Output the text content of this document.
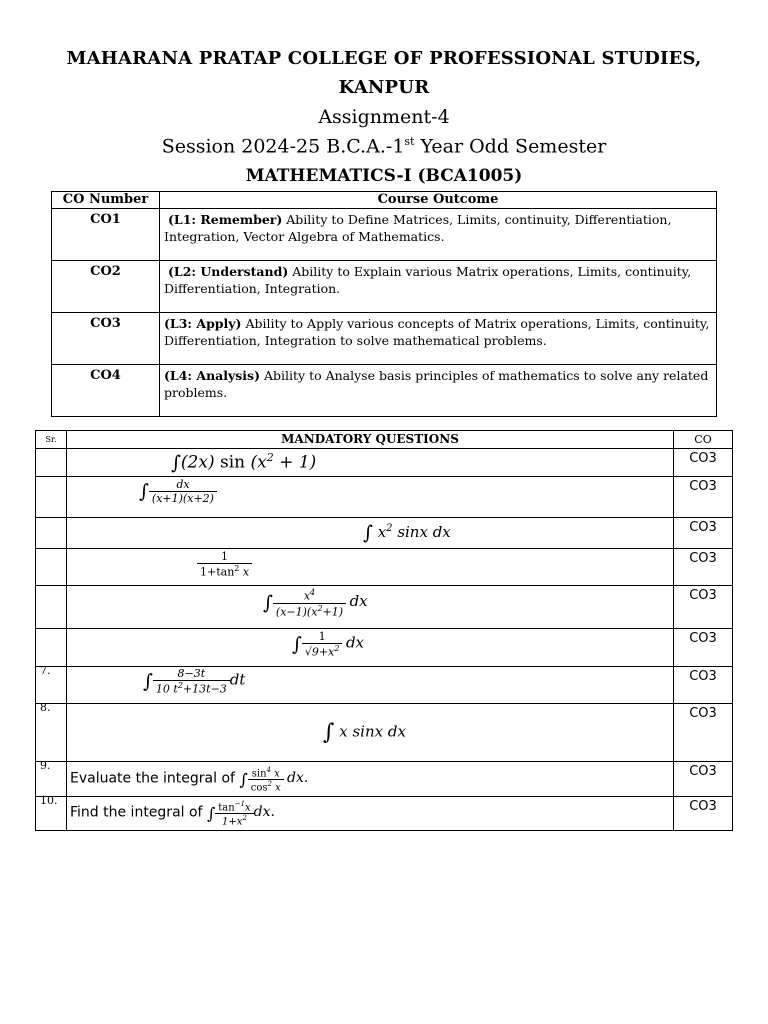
MAHARANA PRATAP COLLEGE OF PROFESSIONAL STUDIES,
KANPUR
Assignment-4
Session 2024-25 B.C.A.-1st Year Odd Semester
MATHEMATICS-I (BCA1005)
CO Number	Course Outcome
CO1	(L1: Remember) Ability to Define Matrices, Limits, continuity, Differentiation, Integration, Vector Algebra of Mathematics.
CO2	(L2: Understand) Ability to Explain various Matrix operations, Limits, continuity, Differentiation, Integration.
CO3	(L3: Apply) Ability to Apply various concepts of Matrix operations, Limits, continuity, Differentiation, Integration to solve mathematical problems.
CO4	(L4: Analysis) Ability to Analyse basis principles of mathematics to solve any related problems.
Sr.	MANDATORY QUESTIONS	CO

	∫(2x) $\sin (x^2 + 1)$	CO3

	∫ $\frac{dx}{(x+1)(x+2)}$	CO3

	∫ $x^2$ sinx dx	CO3

	$\frac{1}{1+\tan^2 x}$	CO3

	∫ $\frac{x^4}{(x-1)(x^2+1)}$ dx	CO3

	∫ $\frac{1}{√9+x^2}$ dx	CO3

7.	∫ $\frac{8-3t}{10 t^2+13t-3}$ dt	CO3

8.	∫ x sinx dx	CO3

9.	Evaluate the integral of ∫ $\frac{\sin^4 x}{\cos^2 x}$ dx.	CO3

10.	Find the integral of ∫ $\frac{\tan^{-1}x}{1+x^2}$ dx.	CO3
